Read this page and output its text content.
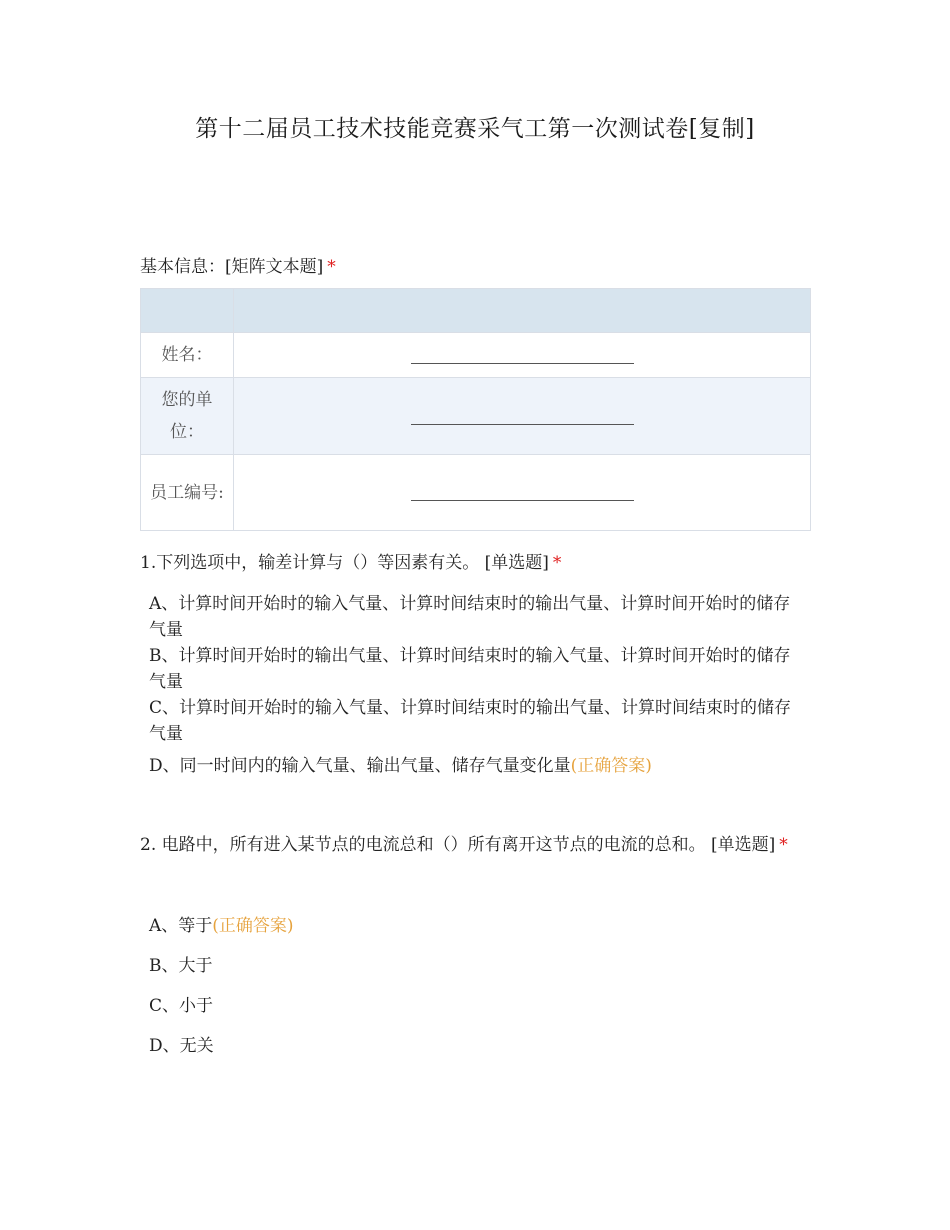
第十二届员工技术技能竞赛采气工第一次测试卷[复制]
基本信息：[矩阵文本题] *

姓名：	
您的单位：	
员工编号:	
1.下列选项中，输差计算与（）等因素有关。 [单选题] *
A、计算时间开始时的输入气量、计算时间结束时的输出气量、计算时间开始时的储存 气量
B、计算时间开始时的输出气量、计算时间结束时的输入气量、计算时间开始时的储存 气量
C、计算时间开始时的输入气量、计算时间结束时的输出气量、计算时间结束时的储存 气量
D、同一时间内的输入气量、输出气量、储存气量变化量(正确答案)
2. 电路中，所有进入某节点的电流总和（）所有离开这节点的电流的总和。 [单选题] *
A、等于(正确答案)
B、大于
C、小于
D、无关
